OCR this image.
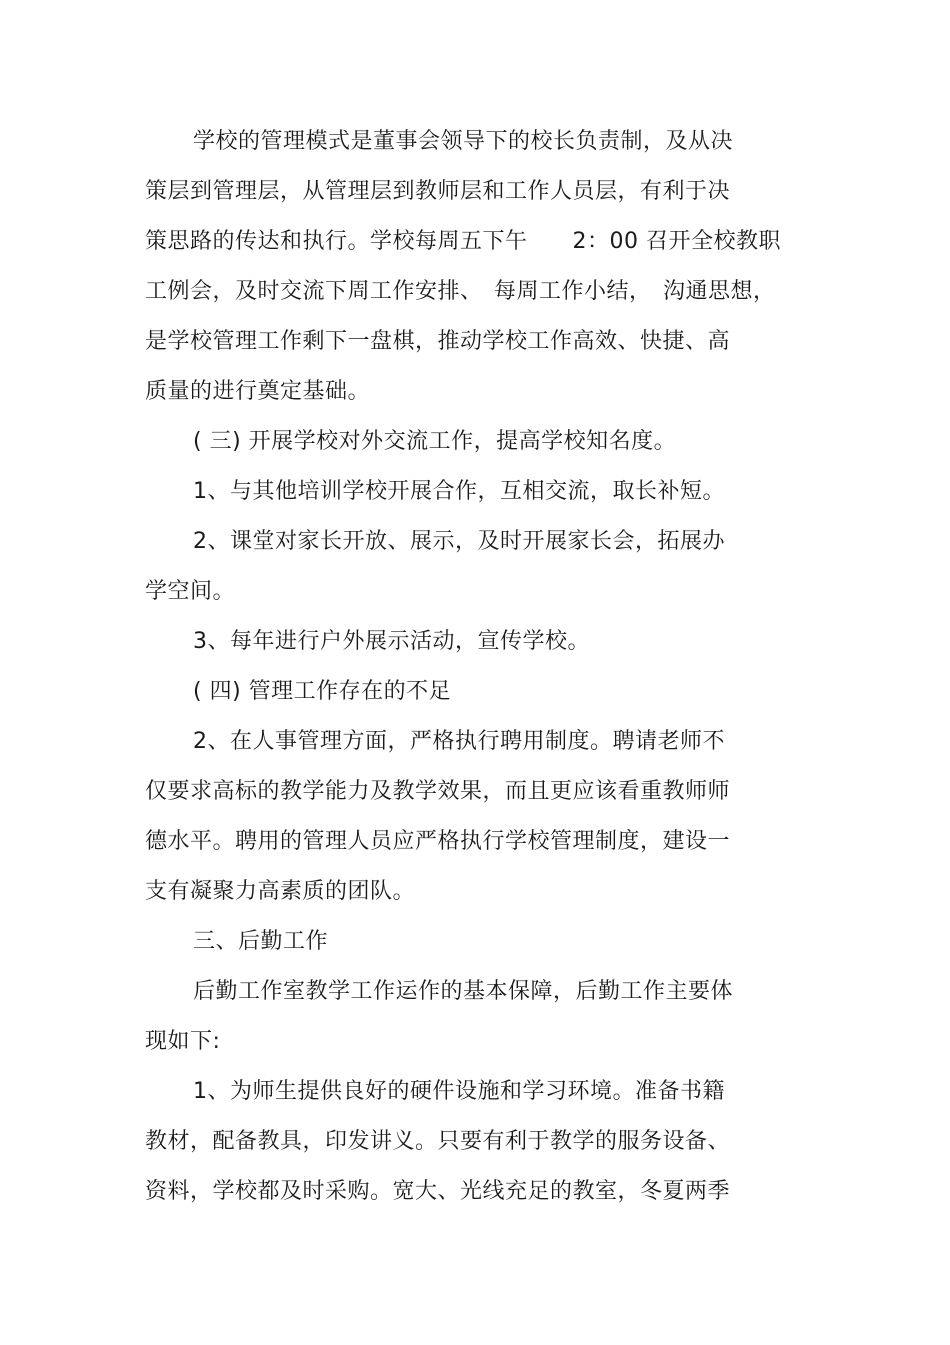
学校的管理模式是董事会领导下的校长负责制，及从决
策层到管理层，从管理层到教师层和工作人员层，有利于决
策思路的传达和执行。学校每周五下午　　2：00 召开全校教职
工例会，及时交流下周工作安排、　每周工作小结，　沟通思想，
是学校管理工作剩下一盘棋，推动学校工作高效、快捷、高
质量的进行奠定基础。
( 三) 开展学校对外交流工作，提高学校知名度。
1、与其他培训学校开展合作，互相交流，取长补短。
2、课堂对家长开放、展示，及时开展家长会，拓展办
学空间。
3、每年进行户外展示活动，宣传学校。
( 四) 管理工作存在的不足
2、在人事管理方面，严格执行聘用制度。聘请老师不
仅要求高标的教学能力及教学效果，而且更应该看重教师师
德水平。聘用的管理人员应严格执行学校管理制度，建设一
支有凝聚力高素质的团队。
三、后勤工作
后勤工作室教学工作运作的基本保障，后勤工作主要体
现如下:
1、为师生提供良好的硬件设施和学习环境。准备书籍
教材，配备教具，印发讲义。只要有利于教学的服务设备、
资料，学校都及时采购。宽大、光线充足的教室，冬夏两季
